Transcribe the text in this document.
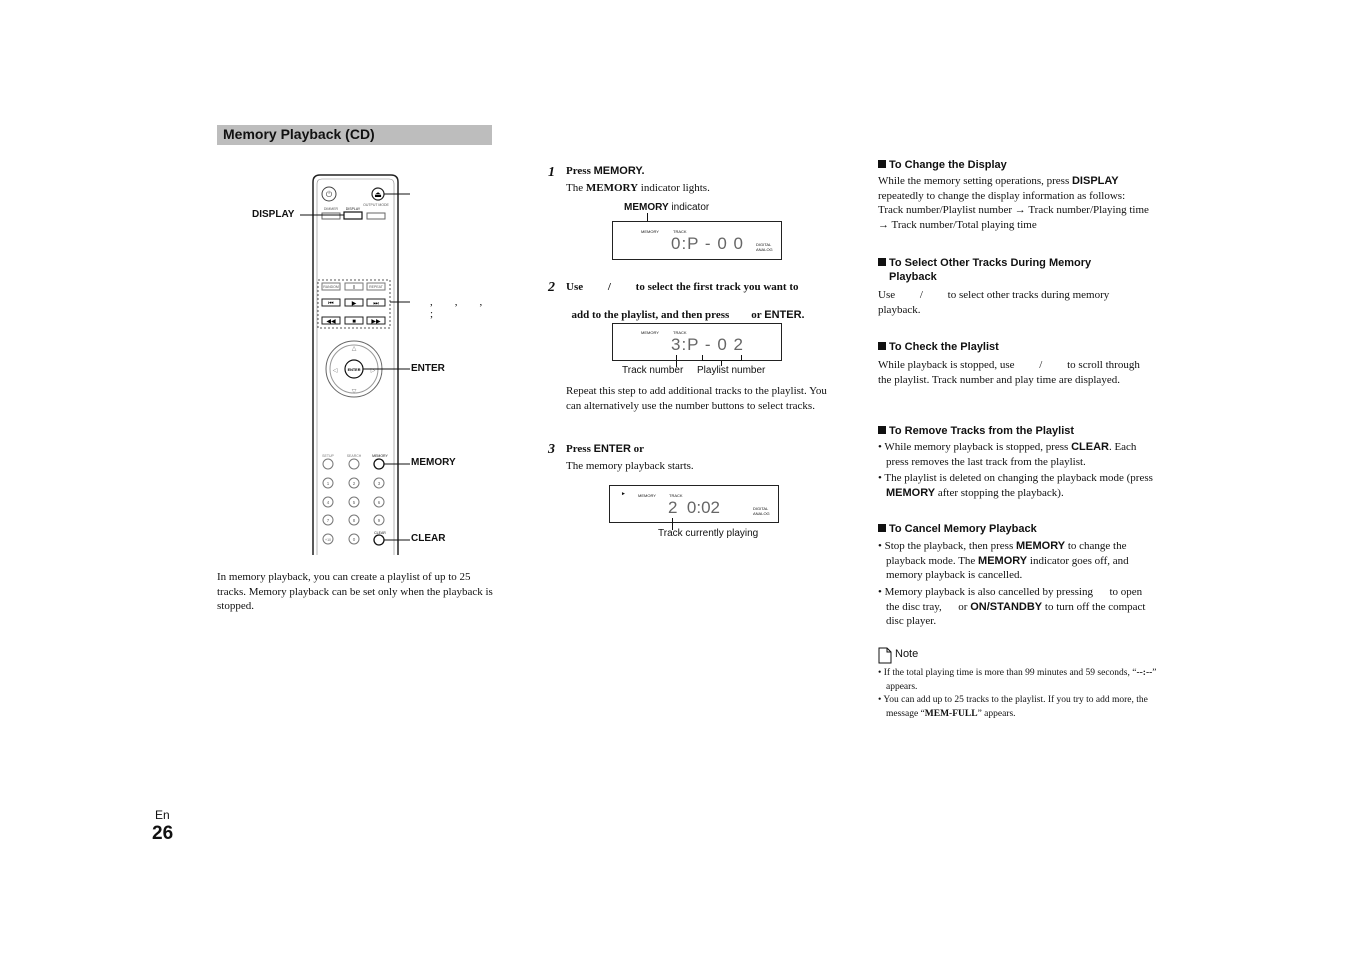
Memory Playback (CD)
⏻	⏏
DIMMER DISPLAY
OUTPUT MODE
RANDOM	II	REPEAT
⏮	▶	⏭
◀◀	■	▶▶
△
▽
◁	▷
ENTER
SETUP	SEARCH	MEMORY
1	2	3
4	5	6
7	8	9
+10	0
CLEAR
DISPLAY
ENTER
MEMORY
CLEAR
,        ,        ,
;
In memory playback, you can create a playlist of up to 25 tracks. Memory playback can be set only when the playback is stopped.
1 Press MEMORY.
The MEMORY indicator lights.
MEMORY indicator
MEMORY	TRACK
0:P - 0 0	DIGITAL ANALOG
2 Use         /         to select the first track you want to

add to the playlist, and then press        or ENTER.

MEMORY	TRACK
3:P - 0 2
Track number Playlist number
Repeat this step to add additional tracks to the playlist. You can alternatively use the number buttons to select tracks.
3 Press ENTER or
The memory playback starts.
►	MEMORY	TRACK
2  0:02	DIGITAL ANALOG
Track currently playing
To Change the Display
While the memory setting operations, press DISPLAY repeatedly to change the display information as follows: Track number/Playlist number → Track number/Playing time → Track number/Total playing time
To Select Other Tracks During Memory
Playback
Use         /         to select other tracks during memory playback.
To Check the Playlist
While playback is stopped, use         /         to scroll through the playlist. Track number and play time are displayed.
To Remove Tracks from the Playlist
• While memory playback is stopped, press CLEAR. Each press removes the last track from the playlist.
• The playlist is deleted on changing the playback mode (press MEMORY after stopping the playback).
To Cancel Memory Playback
• Stop the playback, then press MEMORY to change the playback mode. The MEMORY indicator goes off, and memory playback is cancelled.
• Memory playback is also cancelled by pressing      to open the disc tray,      or ON/STANDBY to turn off the compact disc player.
Note
• If the total playing time is more than 99 minutes and 59 seconds, “--:--” appears.
• You can add up to 25 tracks to the playlist. If you try to add more, the message “MEM-FULL” appears.
En
26
